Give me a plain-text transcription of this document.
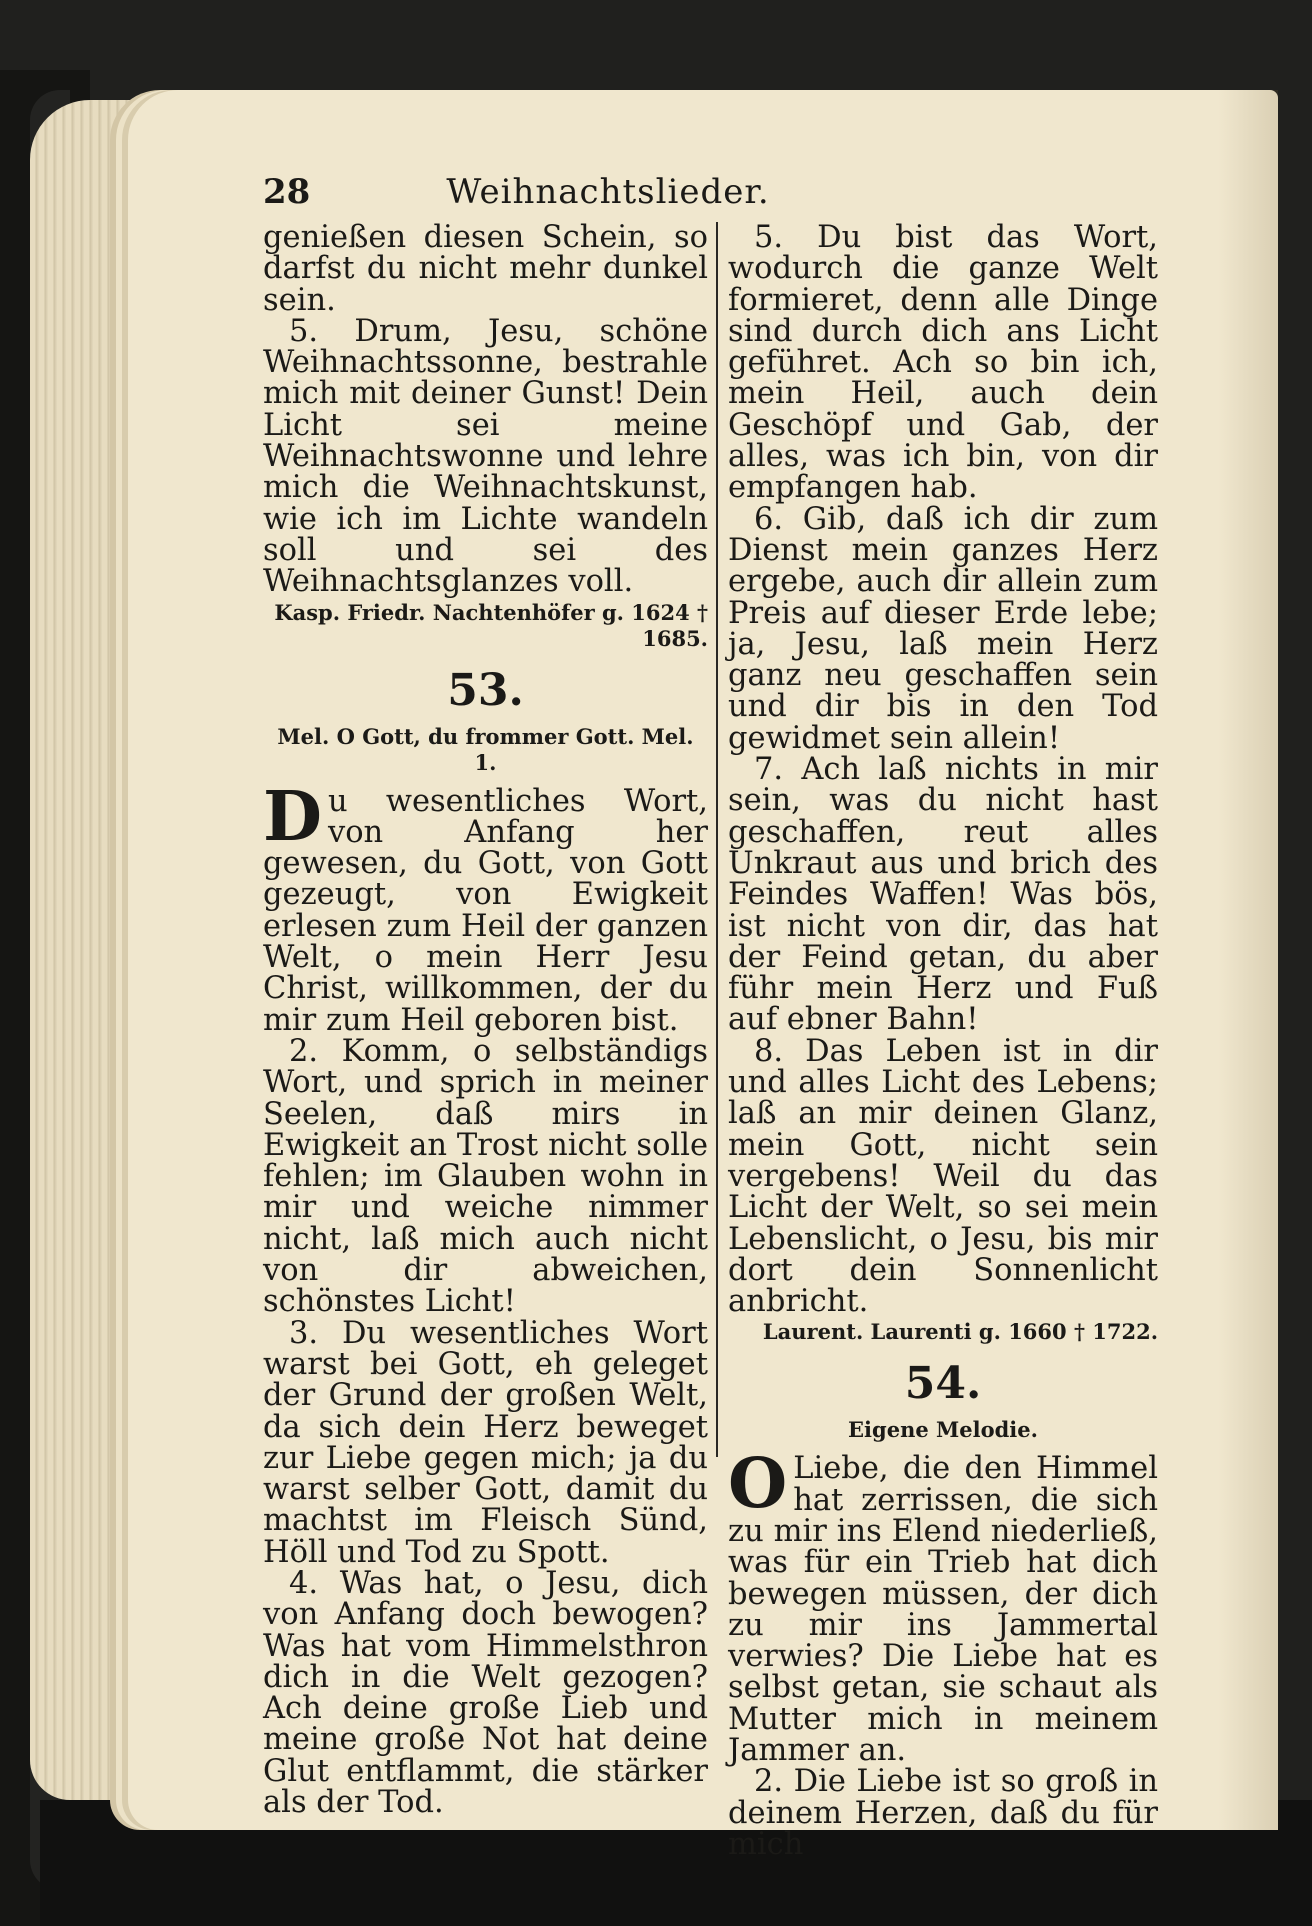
28	Weihnachtslieder.

genießen diesen Schein, so darfst du nicht mehr dunkel sein.

5. Drum, Jesu, schöne Weihnachtssonne, bestrahle mich mit deiner Gunst! Dein Licht sei meine Weihnachtswonne und lehre mich die Weihnachtskunst, wie ich im Lichte wandeln soll und sei des Weihnachtsglanzes voll.

Kasp. Friedr. Nachtenhöfer g. 1624 † 1685.

53.
Mel. O Gott, du frommer Gott. Mel. 1.

Du wesentliches Wort, von Anfang her gewesen, du Gott, von Gott gezeugt, von Ewigkeit erlesen zum Heil der ganzen Welt, o mein Herr Jesu Christ, willkommen, der du mir zum Heil geboren bist.

2. Komm, o selbständigs Wort, und sprich in meiner Seelen, daß mirs in Ewigkeit an Trost nicht solle fehlen; im Glauben wohn in mir und weiche nimmer nicht, laß mich auch nicht von dir abweichen, schönstes Licht!

3. Du wesentliches Wort warst bei Gott, eh geleget der Grund der großen Welt, da sich dein Herz beweget zur Liebe gegen mich; ja du warst selber Gott, damit du machtst im Fleisch Sünd, Höll und Tod zu Spott.

4. Was hat, o Jesu, dich von Anfang doch bewogen? Was hat vom Himmelsthron dich in die Welt gezogen? Ach deine große Lieb und meine große Not hat deine Glut entflammt, die stärker als der Tod.

5. Du bist das Wort, wodurch die ganze Welt formieret, denn alle Dinge sind durch dich ans Licht geführet. Ach so bin ich, mein Heil, auch dein Geschöpf und Gab, der alles, was ich bin, von dir empfangen hab.

6. Gib, daß ich dir zum Dienst mein ganzes Herz ergebe, auch dir allein zum Preis auf dieser Erde lebe; ja, Jesu, laß mein Herz ganz neu geschaffen sein und dir bis in den Tod gewidmet sein allein!

7. Ach laß nichts in mir sein, was du nicht hast geschaffen, reut alles Unkraut aus und brich des Feindes Waffen! Was bös, ist nicht von dir, das hat der Feind getan, du aber führ mein Herz und Fuß auf ebner Bahn!

8. Das Leben ist in dir und alles Licht des Lebens; laß an mir deinen Glanz, mein Gott, nicht sein vergebens! Weil du das Licht der Welt, so sei mein Lebenslicht, o Jesu, bis mir dort dein Sonnenlicht anbricht.

Laurent. Laurenti g. 1660 † 1722.

54.
Eigene Melodie.

O Liebe, die den Himmel hat zerrissen, die sich zu mir ins Elend niederließ, was für ein Trieb hat dich bewegen müssen, der dich zu mir ins Jammertal verwies? Die Liebe hat es selbst getan, sie schaut als Mutter mich in meinem Jammer an.

2. Die Liebe ist so groß in deinem Herzen, daß du für mich
